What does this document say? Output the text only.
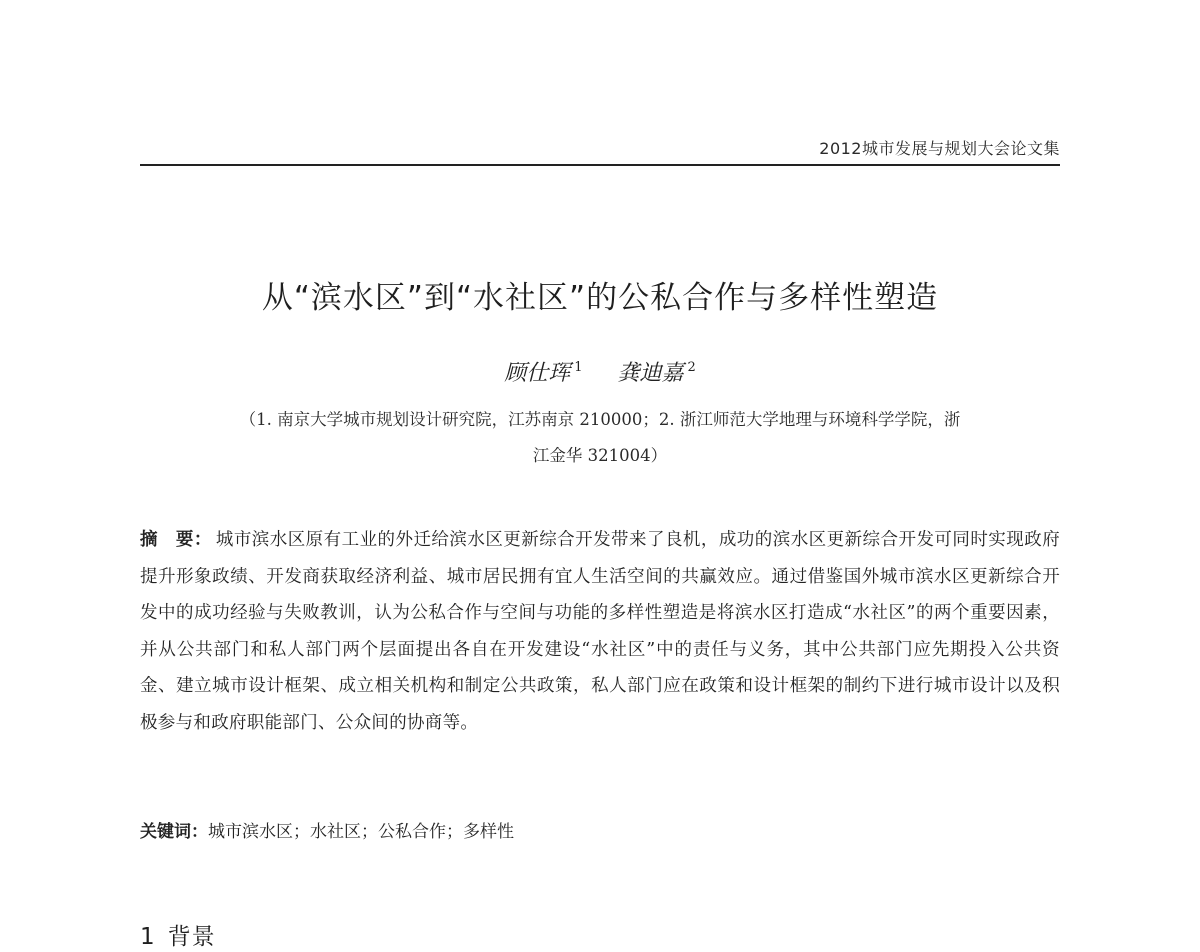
2012城市发展与规划大会论文集
从“滨水区”到“水社区”的公私合作与多样性塑造
顾仕珲 $^1$ 龚迪嘉 $^2$
（1. 南京大学城市规划设计研究院，江苏南京 210000；2. 浙江师范大学地理与环境科学学院，浙
江金华 321004）
摘　要： 城市滨水区原有工业的外迁给滨水区更新综合开发带来了良机，成功的滨水区更新综合开发可同时实现政府提升形象政绩、开发商获取经济利益、城市居民拥有宜人生活空间的共赢效应。通过借鉴国外城市滨水区更新综合开发中的成功经验与失败教训，认为公私合作与空间与功能的多样性塑造是将滨水区打造成“水社区”的两个重要因素，并从公共部门和私人部门两个层面提出各自在开发建设“水社区”中的责任与义务，其中公共部门应先期投入公共资金、建立城市设计框架、成立相关机构和制定公共政策，私人部门应在政策和设计框架的制约下进行城市设计以及积极参与和政府职能部门、公众间的协商等。
关键词：城市滨水区；水社区；公私合作；多样性
1 背景
